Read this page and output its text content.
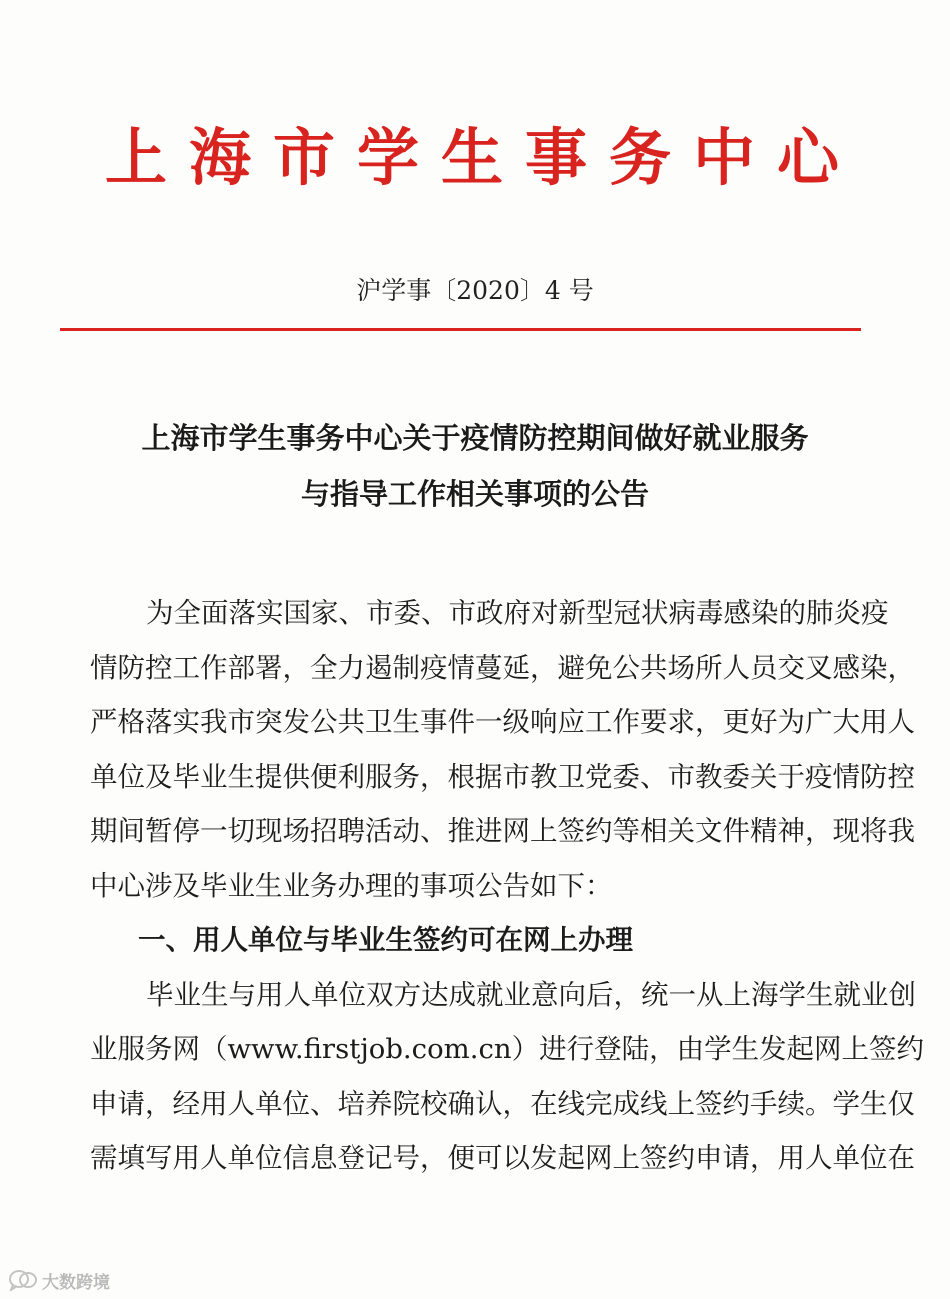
上海市学生事务中心
沪学事〔2020〕4 号
上海市学生事务中心关于疫情防控期间做好就业服务
与指导工作相关事项的公告
为全面落实国家、市委、市政府对新型冠状病毒感染的肺炎疫
情防控工作部署，全力遏制疫情蔓延，避免公共场所人员交叉感染，
严格落实我市突发公共卫生事件一级响应工作要求，更好为广大用人
单位及毕业生提供便利服务，根据市教卫党委、市教委关于疫情防控
期间暂停一切现场招聘活动、推进网上签约等相关文件精神，现将我
中心涉及毕业生业务办理的事项公告如下：
一、用人单位与毕业生签约可在网上办理
毕业生与用人单位双方达成就业意向后，统一从上海学生就业创
业服务网（www.firstjob.com.cn）进行登陆，由学生发起网上签约
申请，经用人单位、培养院校确认，在线完成线上签约手续。学生仅
需填写用人单位信息登记号，便可以发起网上签约申请，用人单位在
大数跨境
